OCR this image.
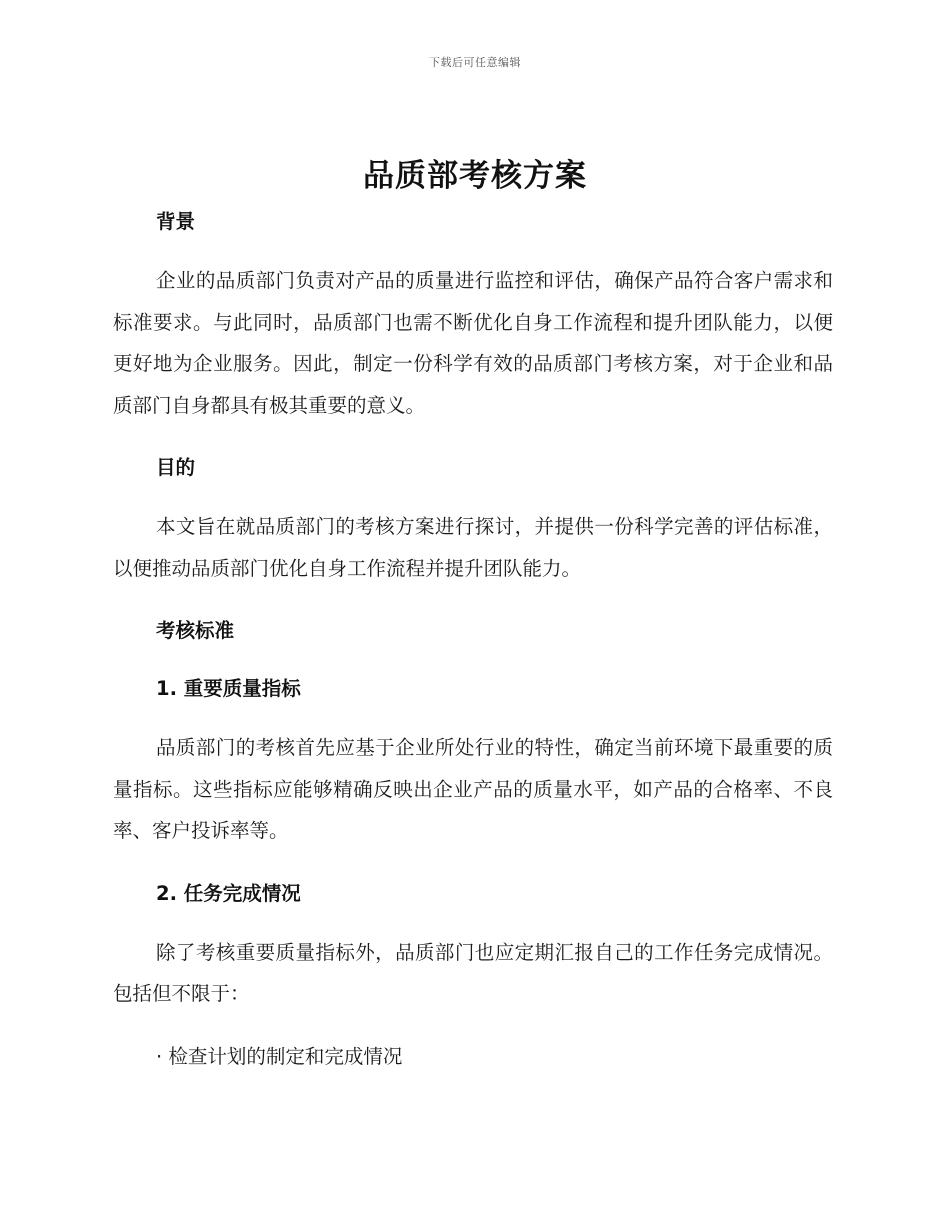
下载后可任意编辑
品质部考核方案

背景

企业的品质部门负责对产品的质量进行监控和评估，确保产品符合客户需求和标准要求。与此同时，品质部门也需不断优化自身工作流程和提升团队能力，以便更好地为企业服务。因此，制定一份科学有效的品质部门考核方案，对于企业和品质部门自身都具有极其重要的意义。

目的

本文旨在就品质部门的考核方案进行探讨，并提供一份科学完善的评估标准，以便推动品质部门优化自身工作流程并提升团队能力。

考核标准

1. 重要质量指标

品质部门的考核首先应基于企业所处行业的特性，确定当前环境下最重要的质量指标。这些指标应能够精确反映出企业产品的质量水平，如产品的合格率、不良率、客户投诉率等。

2. 任务完成情况

除了考核重要质量指标外，品质部门也应定期汇报自己的工作任务完成情况。包括但不限于：

· 检查计划的制定和完成情况
